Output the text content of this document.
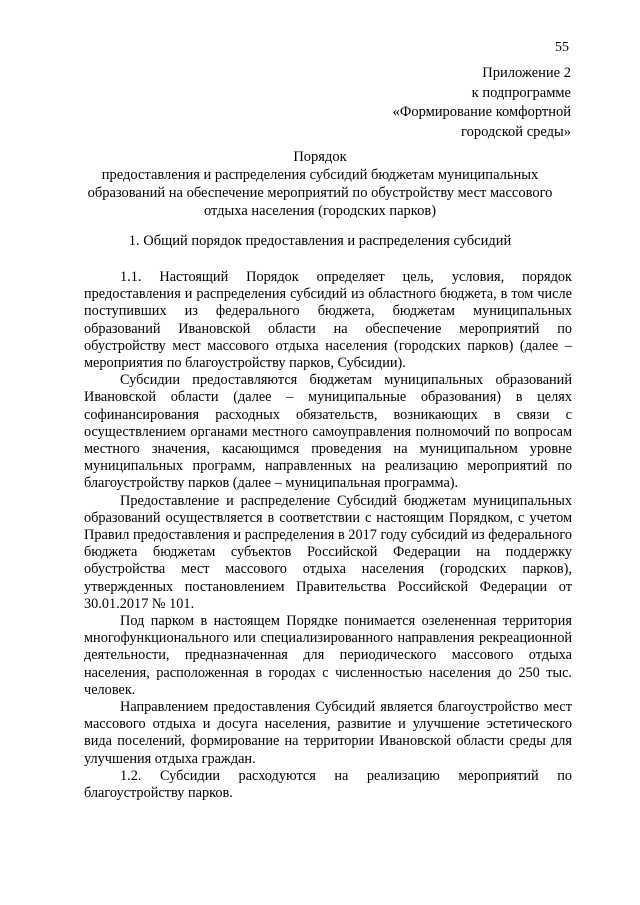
55
Приложение 2
к подпрограмме
«Формирование комфортной
городской среды»
Порядок
предоставления и распределения субсидий бюджетам муниципальных
образований на обеспечение мероприятий по обустройству мест массового
отдыха населения (городских парков)
1. Общий порядок предоставления и распределения субсидий

1.1. Настоящий Порядок определяет цель, условия, порядок предоставления и распределения субсидий из областного бюджета, в том числе поступивших из федерального бюджета, бюджетам муниципальных образований Ивановской области на обеспечение мероприятий по обустройству мест массового отдыха населения (городских парков) (далее – мероприятия по благоустройству парков, Субсидии).

Субсидии предоставляются бюджетам муниципальных образований Ивановской области (далее – муниципальные образования) в целях софинансирования расходных обязательств, возникающих в связи с осуществлением органами местного самоуправления полномочий по вопросам местного значения, касающимся проведения на муниципальном уровне муниципальных программ, направленных на реализацию мероприятий по благоустройству парков (далее – муниципальная программа).

Предоставление и распределение Субсидий бюджетам муниципальных образований осуществляется в соответствии с настоящим Порядком, с учетом Правил предоставления и распределения в 2017 году субсидий из федерального бюджета бюджетам субъектов Российской Федерации на поддержку обустройства мест массового отдыха населения (городских парков), утвержденных постановлением Правительства Российской Федерации от 30.01.2017 № 101.

Под парком в настоящем Порядке понимается озелененная территория многофункционального или специализированного направления рекреационной деятельности, предназначенная для периодического массового отдыха населения, расположенная в городах с численностью населения до 250 тыс. человек.

Направлением предоставления Субсидий является благоустройство мест массового отдыха и досуга населения, развитие и улучшение эстетического вида поселений, формирование на территории Ивановской области среды для улучшения отдыха граждан.

1.2. Субсидии расходуются на реализацию мероприятий по благоустройству парков.
